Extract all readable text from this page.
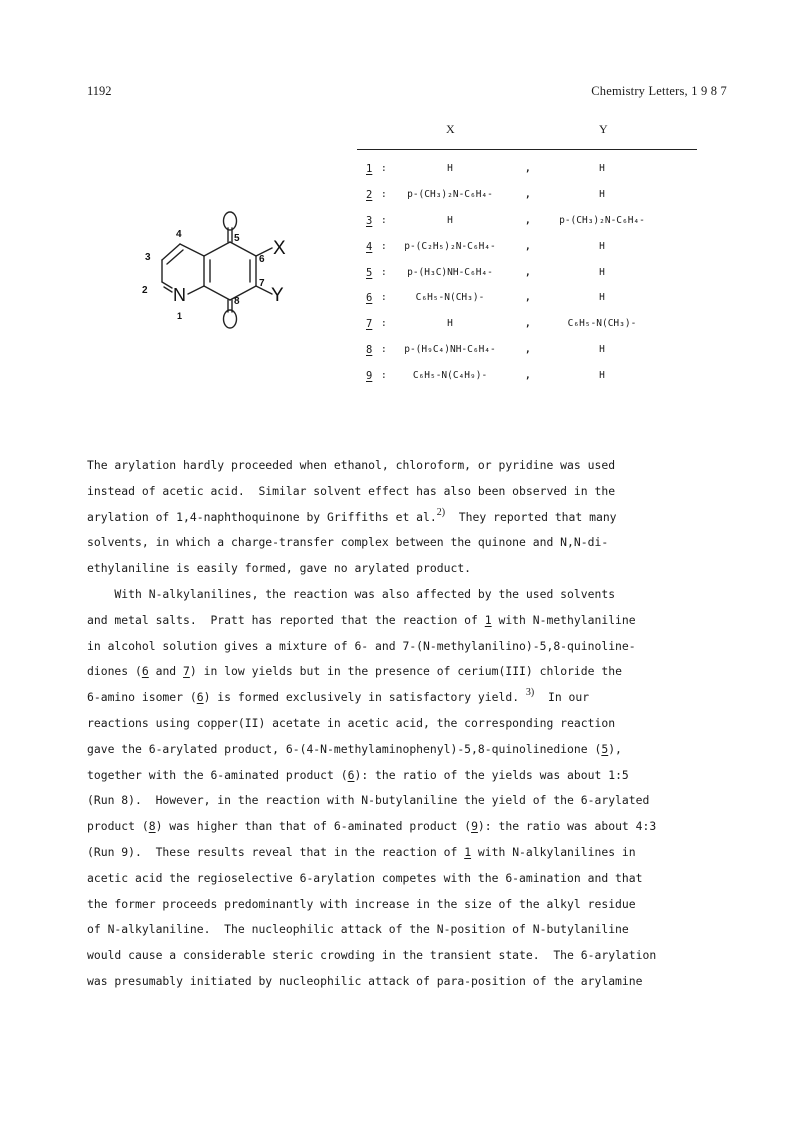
1192	Chemistry Letters, 1 9 8 7
X
Y
N
1
2
3
4	5
6
7
8
X	Y
1 :	H	,	H
2 : p-(CH₃)₂N-C₆H₄-	,	H
3 :	H	,	p-(CH₃)₂N-C₆H₄-
4 : p-(C₂H₅)₂N-C₆H₄-	,	H
5 : p-(H₃C)NH-C₆H₄-	,	H
6 :	C₆H₅-N(CH₃)-	,	H
7 :	H	,	C₆H₅-N(CH₃)-
8 : p-(H₉C₄)NH-C₆H₄-	,	H
9 :	C₆H₅-N(C₄H₉)-	,	H
The arylation hardly proceeded when ethanol, chloroform, or pyridine was used
instead of acetic acid.  Similar solvent effect has also been observed in the
arylation of 1,4-naphthoquinone by Griffiths et al.2)  They reported that many
solvents, in which a charge-transfer complex between the quinone and N,N-di-
ethylaniline is easily formed, gave no arylated product.
With N-alkylanilines, the reaction was also affected by the used solvents
and metal salts.  Pratt has reported that the reaction of 1 with N-methylaniline
in alcohol solution gives a mixture of 6- and 7-(N-methylanilino)-5,8-quinoline-
diones (6 and 7) in low yields but in the presence of cerium(III) chloride the
6-amino isomer (6) is formed exclusively in satisfactory yield. 3)  In our
reactions using copper(II) acetate in acetic acid, the corresponding reaction
gave the 6-arylated product, 6-(4-N-methylaminophenyl)-5,8-quinolinedione (5),
together with the 6-aminated product (6): the ratio of the yields was about 1:5
(Run 8).  However, in the reaction with N-butylaniline the yield of the 6-arylated
product (8) was higher than that of 6-aminated product (9): the ratio was about 4:3
(Run 9).  These results reveal that in the reaction of 1 with N-alkylanilines in
acetic acid the regioselective 6-arylation competes with the 6-amination and that
the former proceeds predominantly with increase in the size of the alkyl residue
of N-alkylaniline.  The nucleophilic attack of the N-position of N-butylaniline
would cause a considerable steric crowding in the transient state.  The 6-arylation
was presumably initiated by nucleophilic attack of para-position of the arylamine
